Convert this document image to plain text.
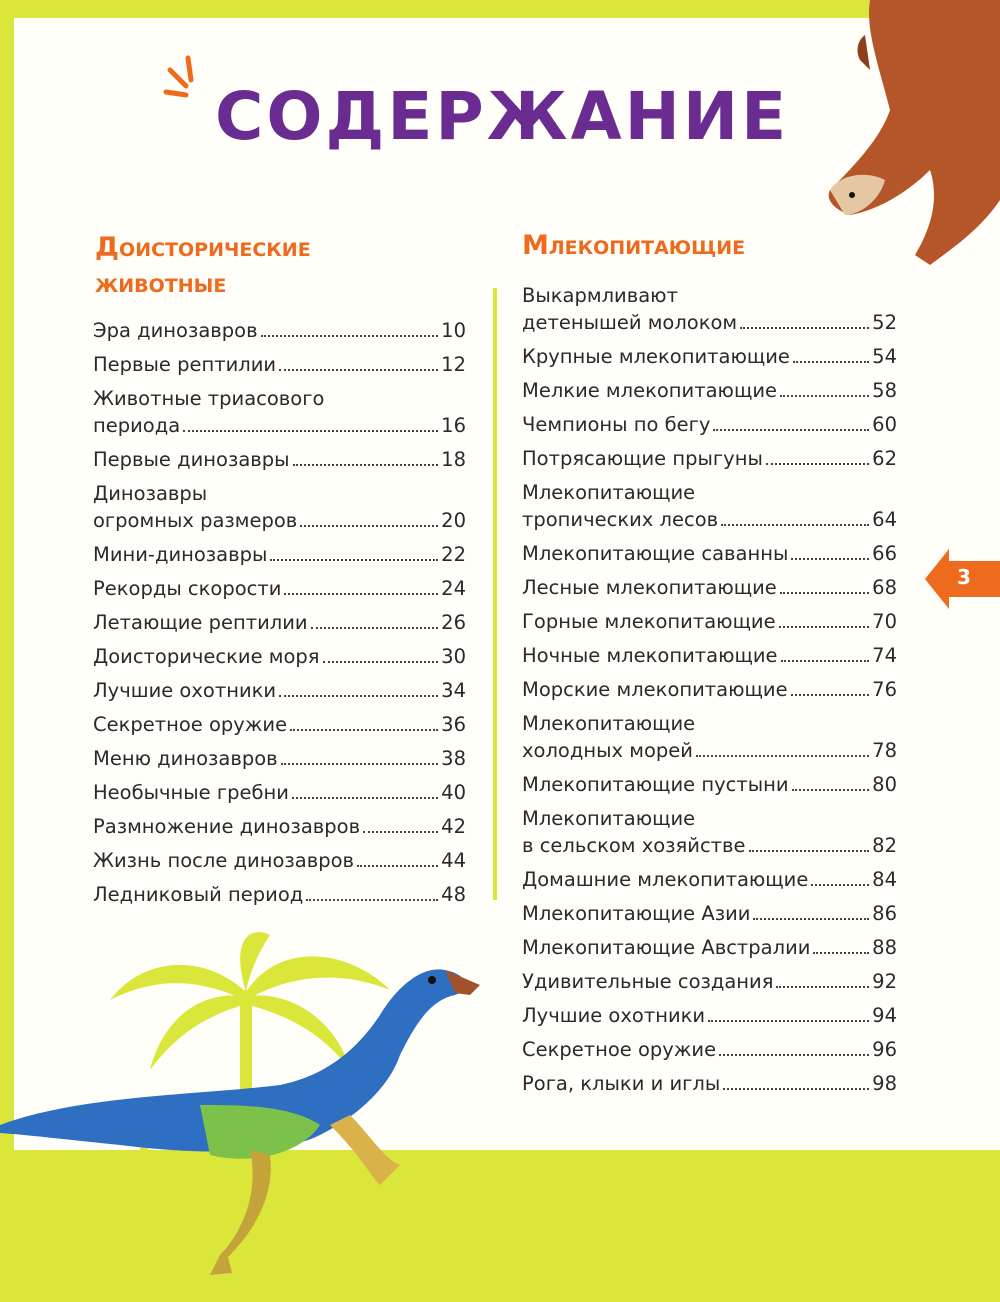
СОДЕРЖАНИЕ
Доисторические
животные
Эра динозавров	10
Первые рептилии	12
Животные триасового
периода	16
Первые динозавры	18
Динозавры
огромных размеров	20
Мини-динозавры	22
Рекорды скорости	24
Летающие рептилии	26
Доисторические моря	30
Лучшие охотники	34
Секретное оружие	36
Меню динозавров	38
Необычные гребни	40
Размножение динозавров	42
Жизнь после динозавров	44
Ледниковый период	48
Млекопитающие
Выкармливают
детенышей молоком	52
Крупные млекопитающие	54
Мелкие млекопитающие	58
Чемпионы по бегу	60
Потрясающие прыгуны	62
Млекопитающие
тропических лесов	64
Млекопитающие саванны	66
Лесные млекопитающие	68
Горные млекопитающие	70
Ночные млекопитающие	74
Морские млекопитающие	76
Млекопитающие
холодных морей	78
Млекопитающие пустыни	80
Млекопитающие
в сельском хозяйстве	82
Домашние млекопитающие	84
Млекопитающие Азии	86
Млекопитающие Австралии	88
Удивительные создания	92
Лучшие охотники	94
Секретное оружие	96
Рога, клыки и иглы	98
3
